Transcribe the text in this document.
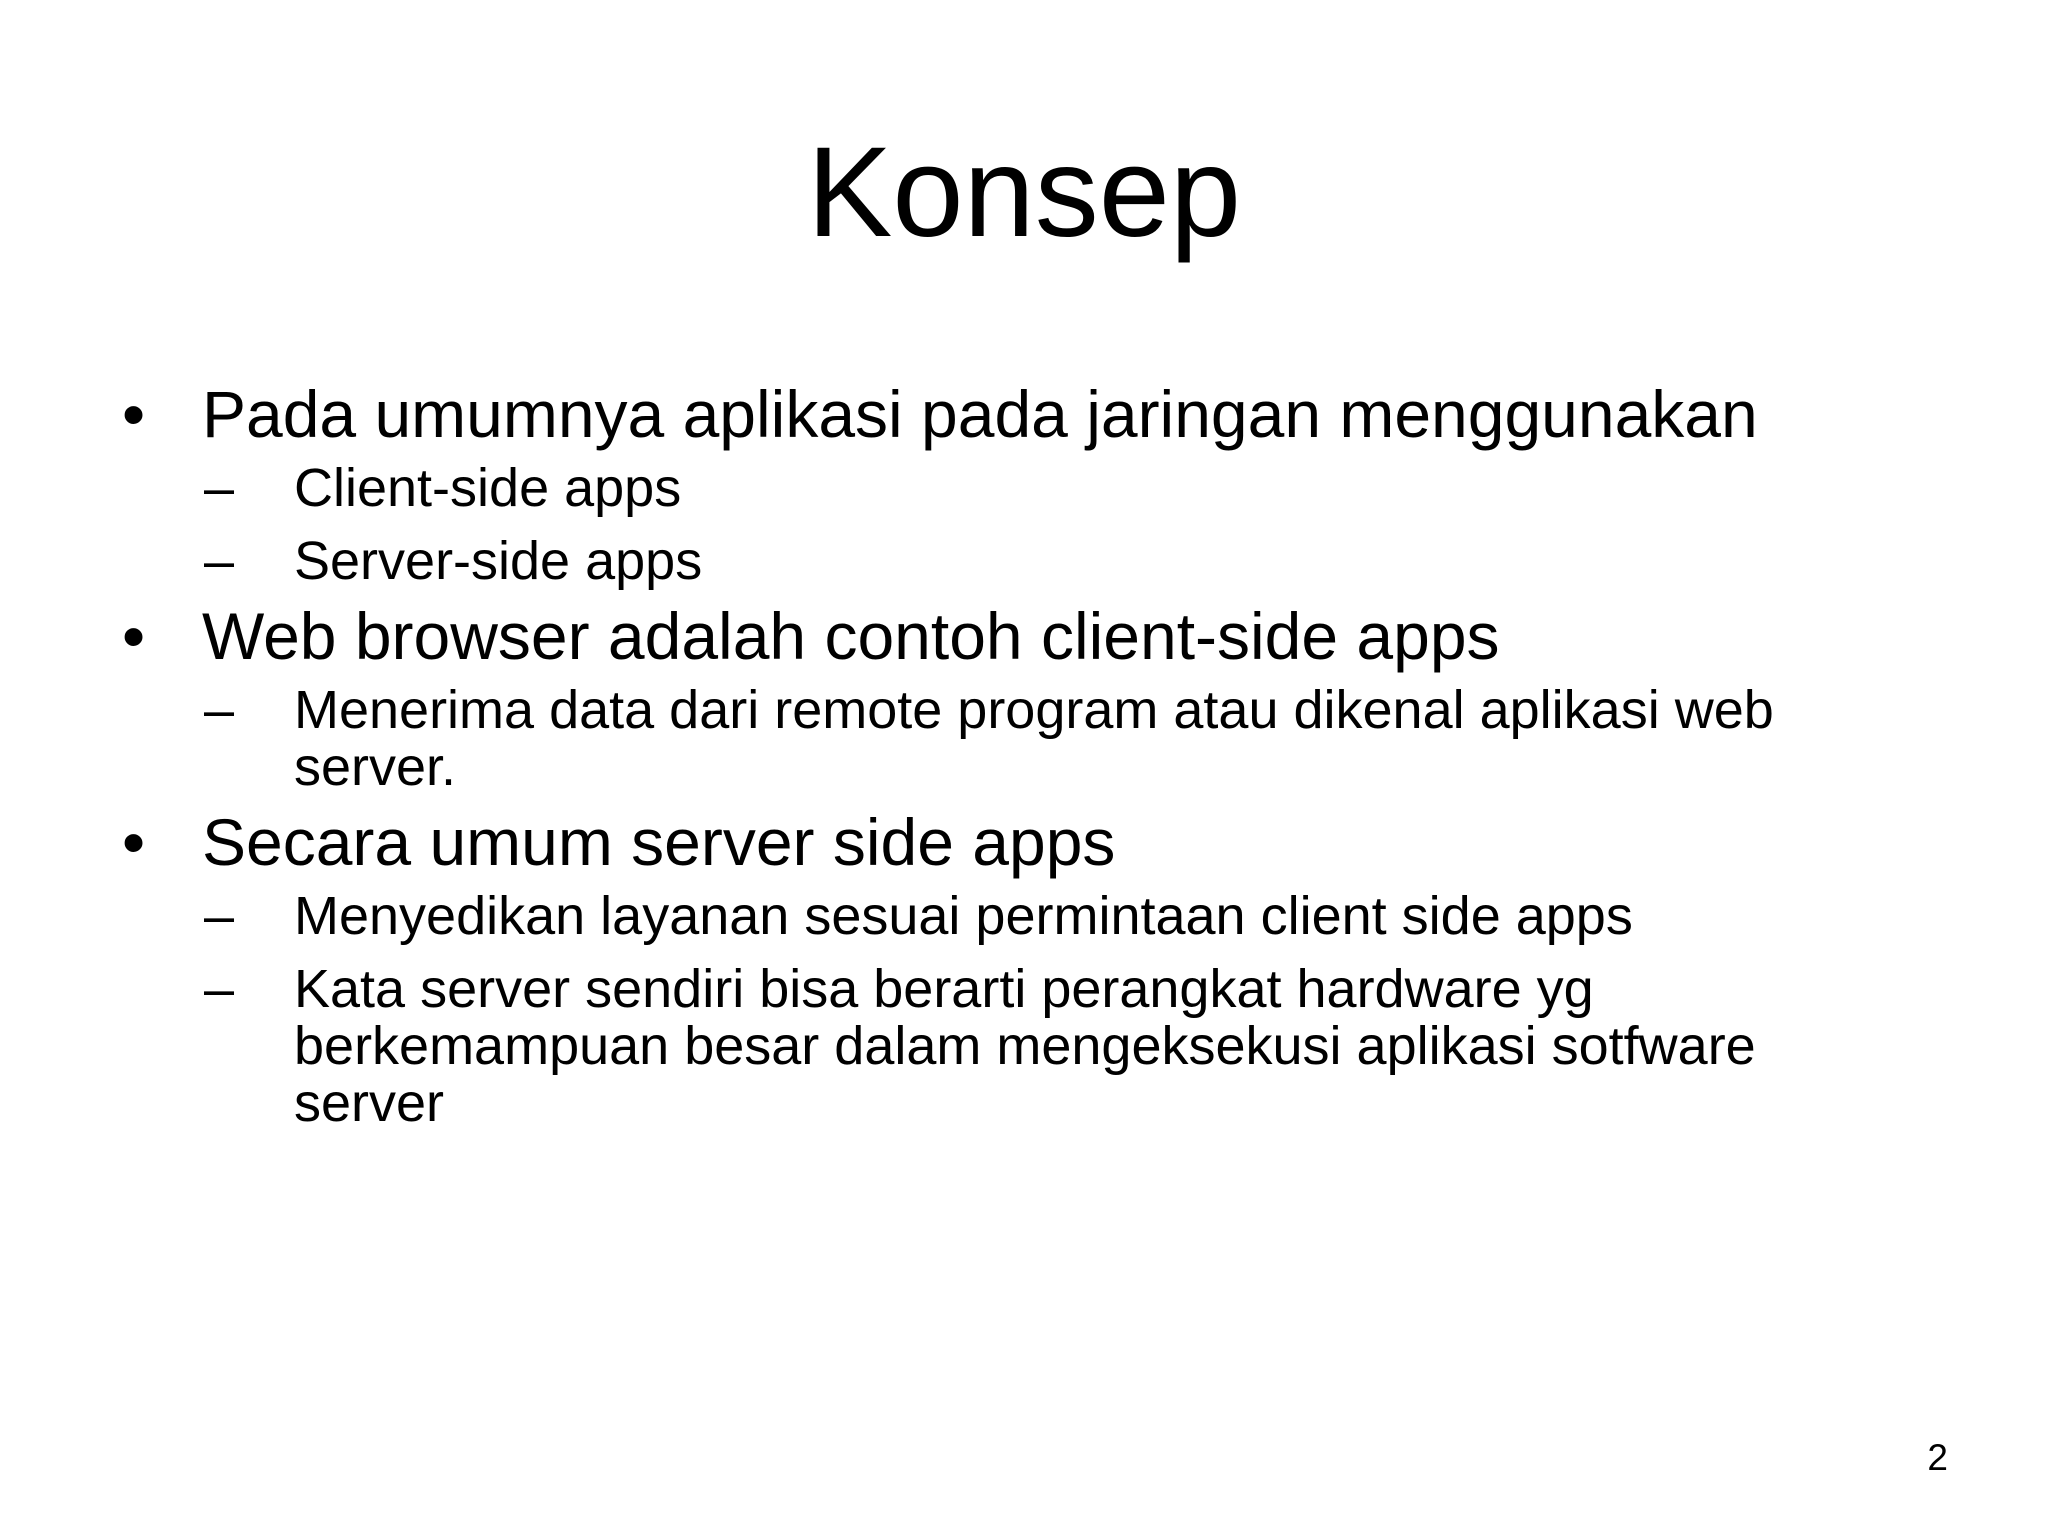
Konsep
• Pada umumnya aplikasi pada jaringan menggunakan
– Client-side apps
– Server-side apps
• Web browser adalah contoh client-side apps
– Menerima data dari remote program atau dikenal aplikasi web server.
• Secara umum server side apps
– Menyedikan layanan sesuai permintaan client side apps
– Kata server sendiri bisa berarti perangkat hardware yg berkemampuan besar dalam mengeksekusi aplikasi sotfware server
2
